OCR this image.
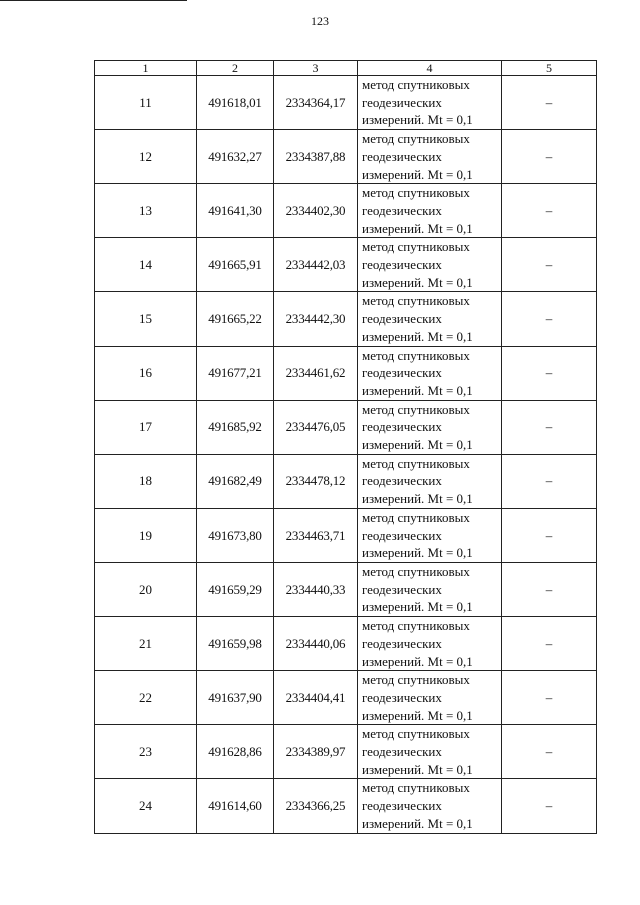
123
1	2	3	4	5
11	491618,01	2334364,17	метод спутниковых
геодезических
измерений. Mt = 0,1	–
12	491632,27	2334387,88	метод спутниковых
геодезических
измерений. Mt = 0,1	–
13	491641,30	2334402,30	метод спутниковых
геодезических
измерений. Mt = 0,1	–
14	491665,91	2334442,03	метод спутниковых
геодезических
измерений. Mt = 0,1	–
15	491665,22	2334442,30	метод спутниковых
геодезических
измерений. Mt = 0,1	–
16	491677,21	2334461,62	метод спутниковых
геодезических
измерений. Mt = 0,1	–
17	491685,92	2334476,05	метод спутниковых
геодезических
измерений. Mt = 0,1	–
18	491682,49	2334478,12	метод спутниковых
геодезических
измерений. Mt = 0,1	–
19	491673,80	2334463,71	метод спутниковых
геодезических
измерений. Mt = 0,1	–
20	491659,29	2334440,33	метод спутниковых
геодезических
измерений. Mt = 0,1	–
21	491659,98	2334440,06	метод спутниковых
геодезических
измерений. Mt = 0,1	–
22	491637,90	2334404,41	метод спутниковых
геодезических
измерений. Mt = 0,1	–
23	491628,86	2334389,97	метод спутниковых
геодезических
измерений. Mt = 0,1	–
24	491614,60	2334366,25	метод спутниковых
геодезических
измерений. Mt = 0,1	–
